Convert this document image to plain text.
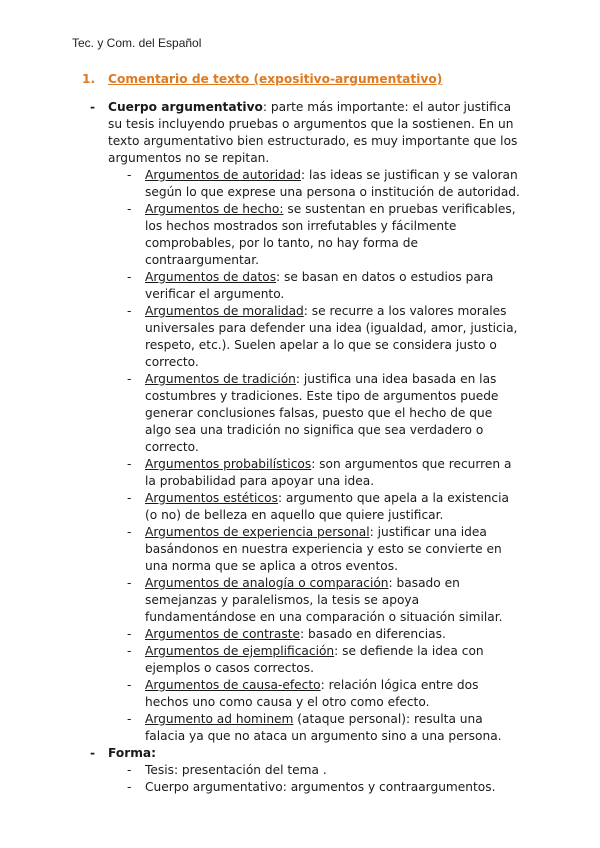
Tec. y Com. del Español
1. Comentario de texto (expositivo-argumentativo)
- Cuerpo argumentativo: parte más importante: el autor justifica su tesis incluyendo pruebas o argumentos que la sostienen. En un texto argumentativo bien estructurado, es muy importante que los argumentos no se repitan.
- Argumentos de autoridad: las ideas se justifican y se valoran según lo que exprese una persona o institución de autoridad.
- Argumentos de hecho: se sustentan en pruebas verificables, los hechos mostrados son irrefutables y fácilmente comprobables, por lo tanto, no hay forma de contraargumentar.
- Argumentos de datos: se basan en datos o estudios para verificar el argumento.
- Argumentos de moralidad: se recurre a los valores morales universales para defender una idea (igualdad, amor, justicia, respeto, etc.). Suelen apelar a lo que se considera justo o correcto.
- Argumentos de tradición: justifica una idea basada en las costumbres y tradiciones. Este tipo de argumentos puede generar conclusiones falsas, puesto que el hecho de que algo sea una tradición no significa que sea verdadero o correcto.
- Argumentos probabilísticos: son argumentos que recurren a la probabilidad para apoyar una idea.
- Argumentos estéticos: argumento que apela a la existencia (o no) de belleza en aquello que quiere justificar.
- Argumentos de experiencia personal: justificar una idea basándonos en nuestra experiencia y esto se convierte en una norma que se aplica a otros eventos.
- Argumentos de analogía o comparación: basado en semejanzas y paralelismos, la tesis se apoya fundamentándose en una comparación o situación similar.
- Argumentos de contraste: basado en diferencias.
- Argumentos de ejemplificación: se defiende la idea con ejemplos o casos correctos.
- Argumentos de causa-efecto: relación lógica entre dos hechos uno como causa y el otro como efecto.
- Argumento ad hominem (ataque personal): resulta una falacia ya que no ataca un argumento sino a una persona.
- Forma:
- Tesis: presentación del tema .
- Cuerpo argumentativo: argumentos y contraargumentos.
